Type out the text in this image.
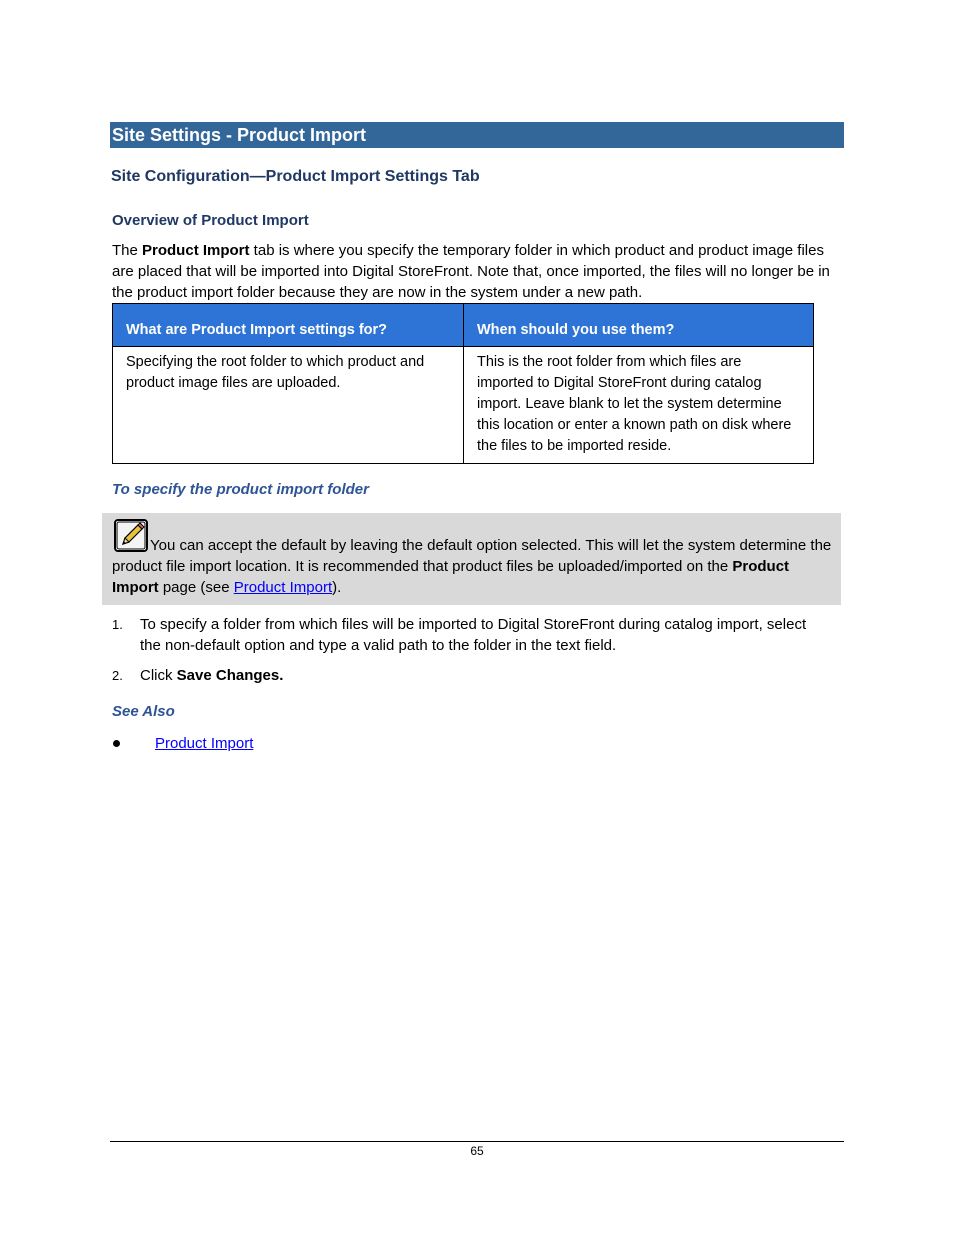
Site Settings - Product Import
Site Configuration—Product Import Settings Tab
Overview of Product Import
The Product Import tab is where you specify the temporary folder in which product and product image files are placed that will be imported into Digital StoreFront. Note that, once imported, the files will no longer be in the product import folder because they are now in the system under a new path.
What are Product Import settings for?	When should you use them?
Specifying the root folder to which product and product image files are uploaded.	This is the root folder from which files are imported to Digital StoreFront during catalog import. Leave blank to let the system determine this location or enter a known path on disk where the files to be imported reside.
To specify the product import folder
You can accept the default by leaving the default option selected. This will let the system determine the product file import location. It is recommended that product files be uploaded/imported on the Product Import page (see Product Import).
1. To specify a folder from which files will be imported to Digital StoreFront during catalog import, select the non-default option and type a valid path to the folder in the text field.
2. Click Save Changes.
See Also
Product Import
65
